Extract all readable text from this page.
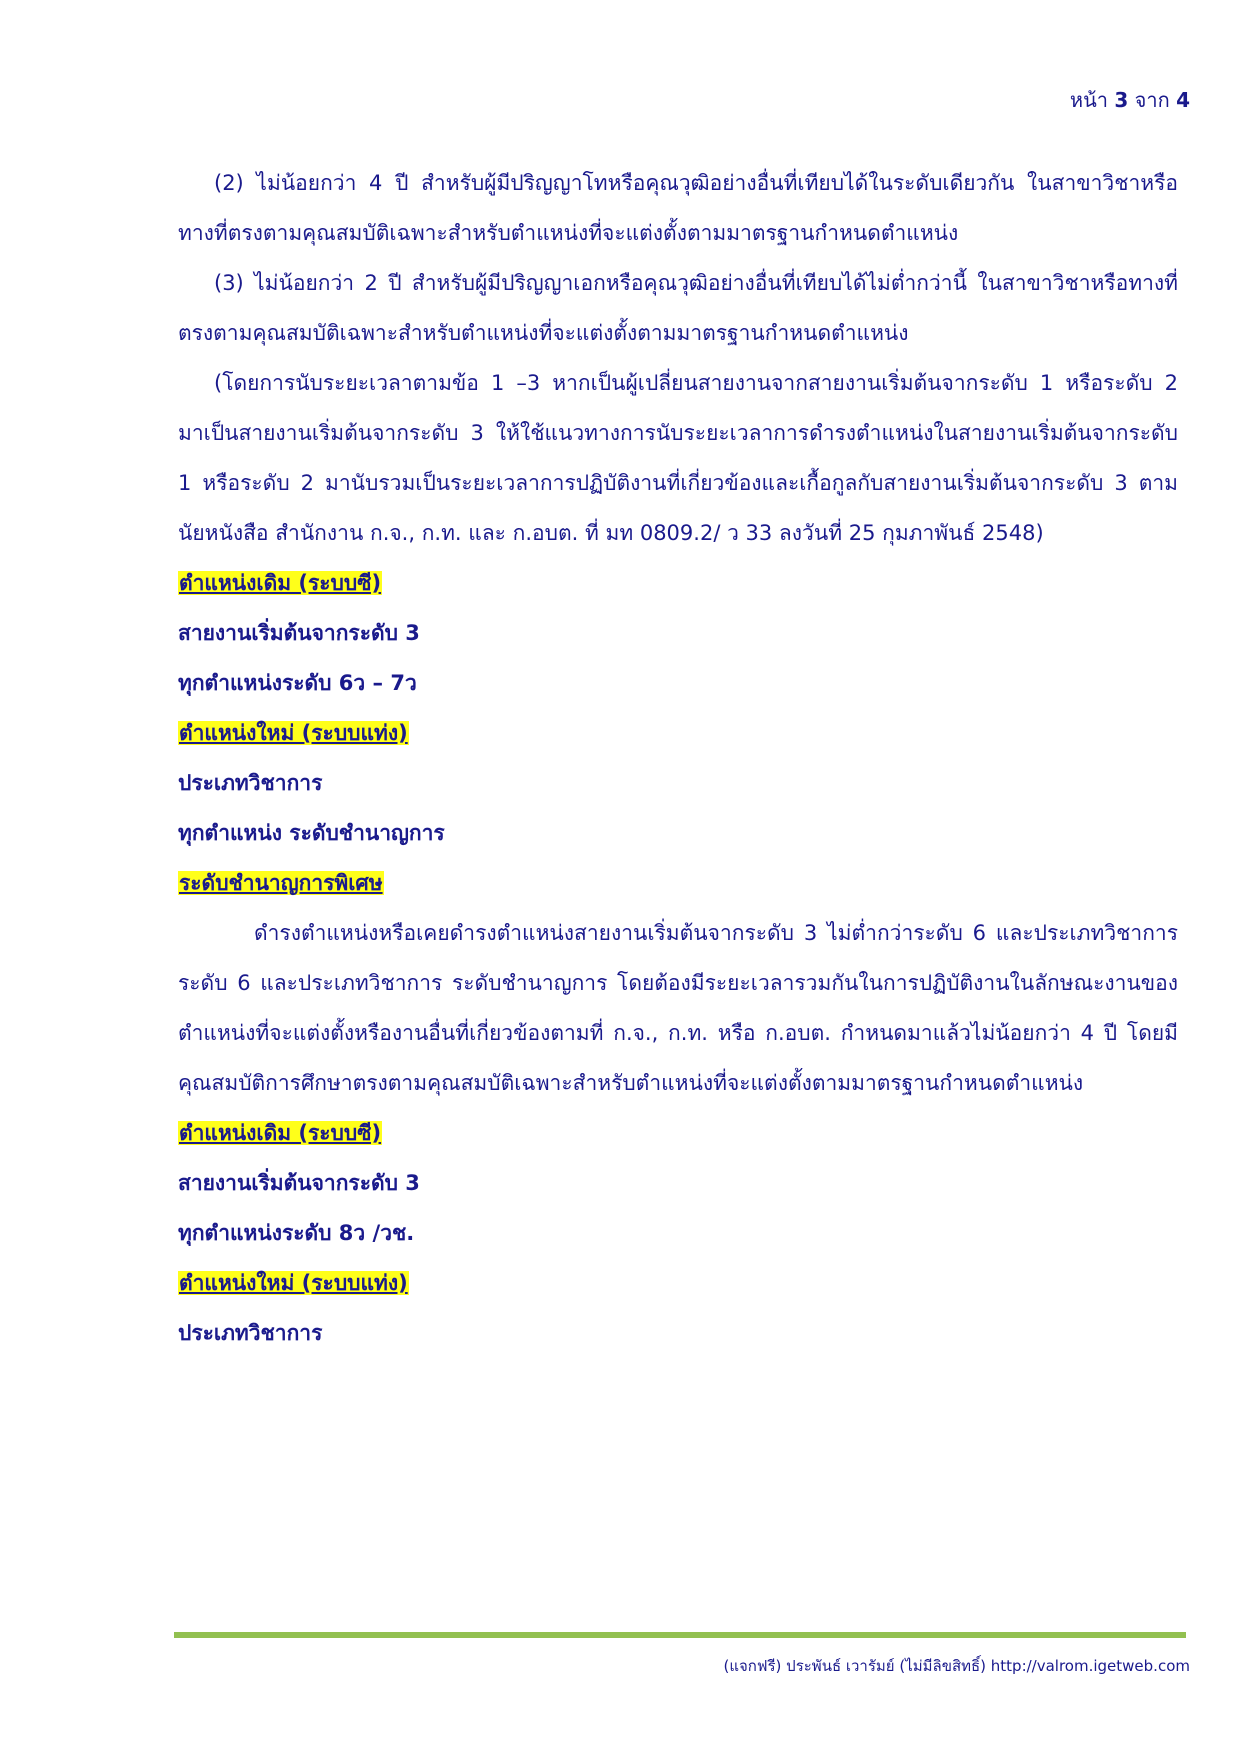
หน้า 3 จาก 4

(2) ไม่น้อยกว่า 4 ปี สำหรับผู้มีปริญญาโทหรือคุณวุฒิอย่างอื่นที่เทียบได้ในระดับเดียวกัน ในสาขาวิชาหรือทางที่ตรงตามคุณสมบัติเฉพาะสำหรับตำแหน่งที่จะแต่งตั้งตามมาตรฐานกำหนดตำแหน่ง

(3) ไม่น้อยกว่า 2 ปี สำหรับผู้มีปริญญาเอกหรือคุณวุฒิอย่างอื่นที่เทียบได้ไม่ต่ำกว่านี้ ในสาขาวิชาหรือทางที่ตรงตามคุณสมบัติเฉพาะสำหรับตำแหน่งที่จะแต่งตั้งตามมาตรฐานกำหนดตำแหน่ง

(โดยการนับระยะเวลาตามข้อ 1 –3 หากเป็นผู้เปลี่ยนสายงานจากสายงานเริ่มต้นจากระดับ 1 หรือระดับ 2 มาเป็นสายงานเริ่มต้นจากระดับ 3 ให้ใช้แนวทางการนับระยะเวลาการดำรงตำแหน่งในสายงานเริ่มต้นจากระดับ 1 หรือระดับ 2 มานับรวมเป็นระยะเวลาการปฏิบัติงานที่เกี่ยวข้องและเกื้อกูลกับสายงานเริ่มต้นจากระดับ 3 ตามนัยหนังสือ สำนักงาน ก.จ., ก.ท. และ ก.อบต. ที่ มท 0809.2/ ว 33 ลงวันที่ 25 กุมภาพันธ์ 2548)

ตำแหน่งเดิม (ระบบซี)
สายงานเริ่มต้นจากระดับ 3
ทุกตำแหน่งระดับ 6ว – 7ว
ตำแหน่งใหม่ (ระบบแท่ง)
ประเภทวิชาการ
ทุกตำแหน่ง ระดับชำนาญการ
ระดับชำนาญการพิเศษ

ดำรงตำแหน่งหรือเคยดำรงตำแหน่งสายงานเริ่มต้นจากระดับ 3 ไม่ต่ำกว่าระดับ 6 และประเภทวิชาการ ระดับ 6 และประเภทวิชาการ ระดับชำนาญการ โดยต้องมีระยะเวลารวมกันในการปฏิบัติงานในลักษณะงานของตำแหน่งที่จะแต่งตั้งหรืองานอื่นที่เกี่ยวข้องตามที่ ก.จ., ก.ท. หรือ ก.อบต. กำหนดมาแล้วไม่น้อยกว่า 4 ปี โดยมีคุณสมบัติการศึกษาตรงตามคุณสมบัติเฉพาะสำหรับตำแหน่งที่จะแต่งตั้งตามมาตรฐานกำหนดตำแหน่ง

ตำแหน่งเดิม (ระบบซี)
สายงานเริ่มต้นจากระดับ 3
ทุกตำแหน่งระดับ 8ว /วช.
ตำแหน่งใหม่ (ระบบแท่ง)
ประเภทวิชาการ
(แจกฟรี) ประพันธ์ เวารัมย์ (ไม่มีลิขสิทธิ์) http://valrom.igetweb.com
